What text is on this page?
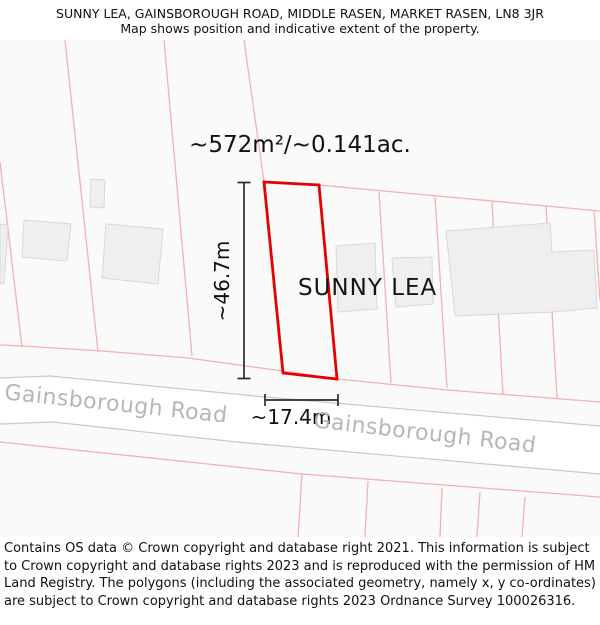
SUNNY LEA, GAINSBOROUGH ROAD, MIDDLE RASEN, MARKET RASEN, LN8 3JR
Map shows position and indicative extent of the property.
~572m²/~0.141ac.
SUNNY LEA
~46.7m
~17.4m
Gainsborough Road
Gainsborough Road

Contains OS data © Crown copyright and database right 2021. This information is subject to Crown copyright and database rights 2023 and is reproduced with the permission of HM Land Registry. The polygons (including the associated geometry, namely x, y co-ordinates) are subject to Crown copyright and database rights 2023 Ordnance Survey 100026316.
